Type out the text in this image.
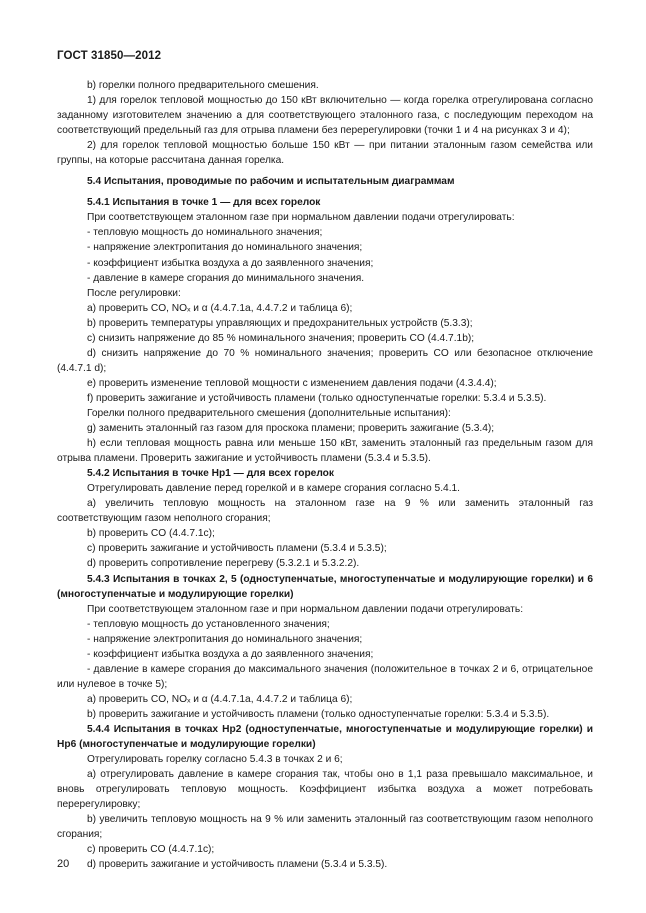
ГОСТ 31850—2012

b) горелки полного предварительного смешения.

1) для горелок тепловой мощностью до 150 кВт включительно — когда горелка отрегулирована согласно заданному изготовителем значению а для соответствующего эталонного газа, с последующим переходом на соответствующий предельный газ для отрыва пламени без перерегулировки (точки 1 и 4 на рисунках 3 и 4);

2) для горелок тепловой мощностью больше 150 кВт — при питании эталонным газом семейства или группы, на которые рассчитана данная горелка.

5.4 Испытания, проводимые по рабочим и испытательным диаграммам

5.4.1 Испытания в точке 1 — для всех горелок

При соответствующем эталонном газе при нормальном давлении подачи отрегулировать:

- тепловую мощность до номинального значения;

- напряжение электропитания до номинального значения;

- коэффициент избытка воздуха а до заявленного значения;

- давление в камере сгорания до минимального значения.

После регулировки:

a) проверить CO, NOₓ и α (4.4.7.1a, 4.4.7.2 и таблица 6);

b) проверить температуры управляющих и предохранительных устройств (5.3.3);

c) снизить напряжение до 85 % номинального значения; проверить CO (4.4.7.1b);

d) снизить напряжение до 70 % номинального значения; проверить CO или безопасное отключение (4.4.7.1 d);

e) проверить изменение тепловой мощности с изменением давления подачи (4.3.4.4);

f) проверить зажигание и устойчивость пламени (только одноступенчатые горелки: 5.3.4 и 5.3.5).

Горелки полного предварительного смешения (дополнительные испытания):

g) заменить эталонный газ газом для проскока пламени; проверить зажигание (5.3.4);

h) если тепловая мощность равна или меньше 150 кВт, заменить эталонный газ предельным газом для отрыва пламени. Проверить зажигание и устойчивость пламени (5.3.4 и 5.3.5).

5.4.2 Испытания в точке Нр1 — для всех горелок

Отрегулировать давление перед горелкой и в камере сгорания согласно 5.4.1.

a) увеличить тепловую мощность на эталонном газе на 9 % или заменить эталонный газ соответствующим газом неполного сгорания;

b) проверить CO (4.4.7.1c);

c) проверить зажигание и устойчивость пламени (5.3.4 и 5.3.5);

d) проверить сопротивление перегреву (5.3.2.1 и 5.3.2.2).

5.4.3 Испытания в точках 2, 5 (одноступенчатые, многоступенчатые и модулирующие горелки) и 6 (многоступенчатые и модулирующие горелки)

При соответствующем эталонном газе и при нормальном давлении подачи отрегулировать:

- тепловую мощность до установленного значения;

- напряжение электропитания до номинального значения;

- коэффициент избытка воздуха а до заявленного значения;

- давление в камере сгорания до максимального значения (положительное в точках 2 и 6, отрицательное или нулевое в точке 5);

a) проверить CO, NOₓ и α (4.4.7.1a, 4.4.7.2 и таблица 6);

b) проверить зажигание и устойчивость пламени (только одноступенчатые горелки: 5.3.4 и 5.3.5).

5.4.4 Испытания в точках Нр2 (одноступенчатые, многоступенчатые и модулирующие горелки) и Нр6 (многоступенчатые и модулирующие горелки)

Отрегулировать горелку согласно 5.4.3 в точках 2 и 6;

a) отрегулировать давление в камере сгорания так, чтобы оно в 1,1 раза превышало максимальное, и вновь отрегулировать тепловую мощность. Коэффициент избытка воздуха а может потребовать перерегулировку;

b) увеличить тепловую мощность на 9 % или заменить эталонный газ соответствующим газом неполного сгорания;

c) проверить CO (4.4.7.1c);

d) проверить зажигание и устойчивость пламени (5.3.4 и 5.3.5).

20
